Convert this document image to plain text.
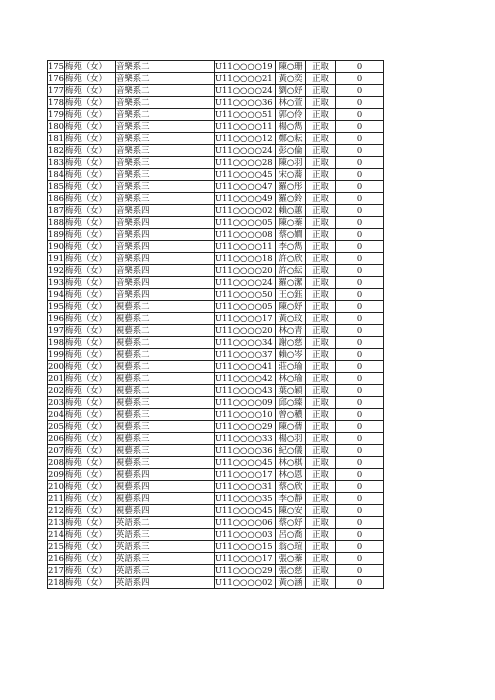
175	梅苑（女）	音樂系二	U11○○○○19	陳○珊	正取	0
176	梅苑（女）	音樂系二	U11○○○○21	黃○奕	正取	0
177	梅苑（女）	音樂系二	U11○○○○24	劉○妤	正取	0
178	梅苑（女）	音樂系二	U11○○○○36	林○萱	正取	0
179	梅苑（女）	音樂系二	U11○○○○51	郭○伶	正取	0
180	梅苑（女）	音樂系三	U11○○○○11	楊○雋	正取	0
181	梅苑（女）	音樂系三	U11○○○○12	鄭○耘	正取	0
182	梅苑（女）	音樂系三	U11○○○○24	彭○倫	正取	0
183	梅苑（女）	音樂系三	U11○○○○28	陳○羽	正取	0
184	梅苑（女）	音樂系三	U11○○○○45	宋○蕎	正取	0
185	梅苑（女）	音樂系三	U11○○○○47	羅○彤	正取	0
186	梅苑（女）	音樂系三	U11○○○○49	羅○鈴	正取	0
187	梅苑（女）	音樂系四	U11○○○○02	賴○蕙	正取	0
188	梅苑（女）	音樂系四	U11○○○○05	陳○蓁	正取	0
189	梅苑（女）	音樂系四	U11○○○○08	蔡○嫺	正取	0
190	梅苑（女）	音樂系四	U11○○○○11	李○雋	正取	0
191	梅苑（女）	音樂系四	U11○○○○18	許○欣	正取	0
192	梅苑（女）	音樂系四	U11○○○○20	許○紜	正取	0
193	梅苑（女）	音樂系四	U11○○○○24	羅○潔	正取	0
194	梅苑（女）	音樂系四	U11○○○○50	王○鈺	正取	0
195	梅苑（女）	視藝系二	U11○○○○05	陳○妤	正取	0
196	梅苑（女）	視藝系二	U11○○○○17	黃○玟	正取	0
197	梅苑（女）	視藝系二	U11○○○○20	林○青	正取	0
198	梅苑（女）	視藝系二	U11○○○○34	謝○慈	正取	0
199	梅苑（女）	視藝系二	U11○○○○37	賴○岑	正取	0
200	梅苑（女）	視藝系二	U11○○○○41	莊○瑜	正取	0
201	梅苑（女）	視藝系二	U11○○○○42	林○瑜	正取	0
202	梅苑（女）	視藝系二	U11○○○○43	葉○穎	正取	0
203	梅苑（女）	視藝系三	U11○○○○09	邱○臻	正取	0
204	梅苑（女）	視藝系三	U11○○○○10	曾○穠	正取	0
205	梅苑（女）	視藝系三	U11○○○○29	陳○蒨	正取	0
206	梅苑（女）	視藝系三	U11○○○○33	楊○羽	正取	0
207	梅苑（女）	視藝系三	U11○○○○36	紀○儀	正取	0
208	梅苑（女）	視藝系三	U11○○○○45	林○棋	正取	0
209	梅苑（女）	視藝系四	U11○○○○17	林○恩	正取	0
210	梅苑（女）	視藝系四	U11○○○○31	蔡○欣	正取	0
211	梅苑（女）	視藝系四	U11○○○○35	李○靜	正取	0
212	梅苑（女）	視藝系四	U11○○○○45	陳○安	正取	0
213	梅苑（女）	英語系二	U11○○○○06	蔡○妤	正取	0
214	梅苑（女）	英語系三	U11○○○○03	呂○喬	正取	0
215	梅苑（女）	英語系三	U11○○○○15	翁○瑄	正取	0
216	梅苑（女）	英語系三	U11○○○○17	張○蓁	正取	0
217	梅苑（女）	英語系三	U11○○○○29	張○慈	正取	0
218	梅苑（女）	英語系四	U11○○○○02	黃○涵	正取	0
